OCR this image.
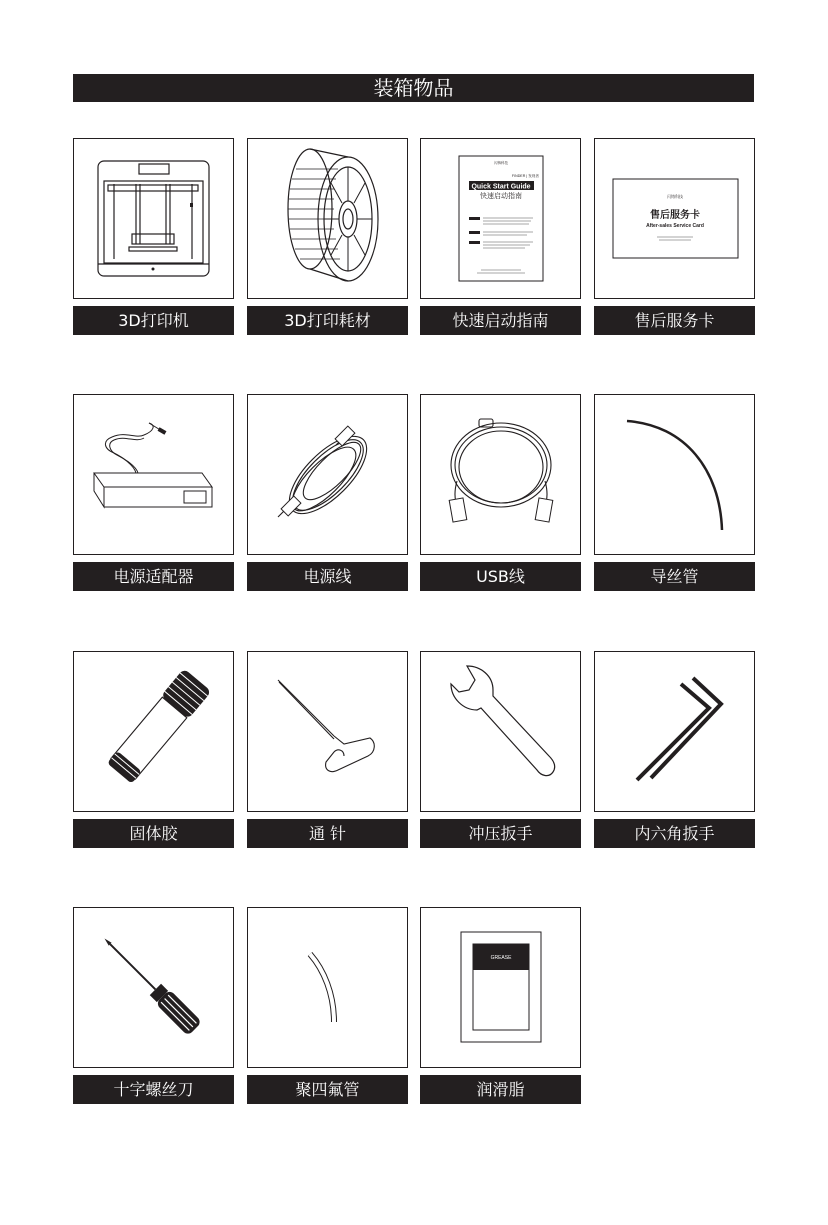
装箱物品
3D打印机	3D打印耗材
闪铸科技
FINDER | 发现者
Quick Start Guide
快速启动指南
快速启动指南
闪铸科技
售后服务卡
After-sales Service Card
售后服务卡
电源适配器	电源线	USB线	导丝管
固体胶	通 针	冲压扳手	内六角扳手
十字螺丝刀	聚四氟管
GREASE
润滑脂
